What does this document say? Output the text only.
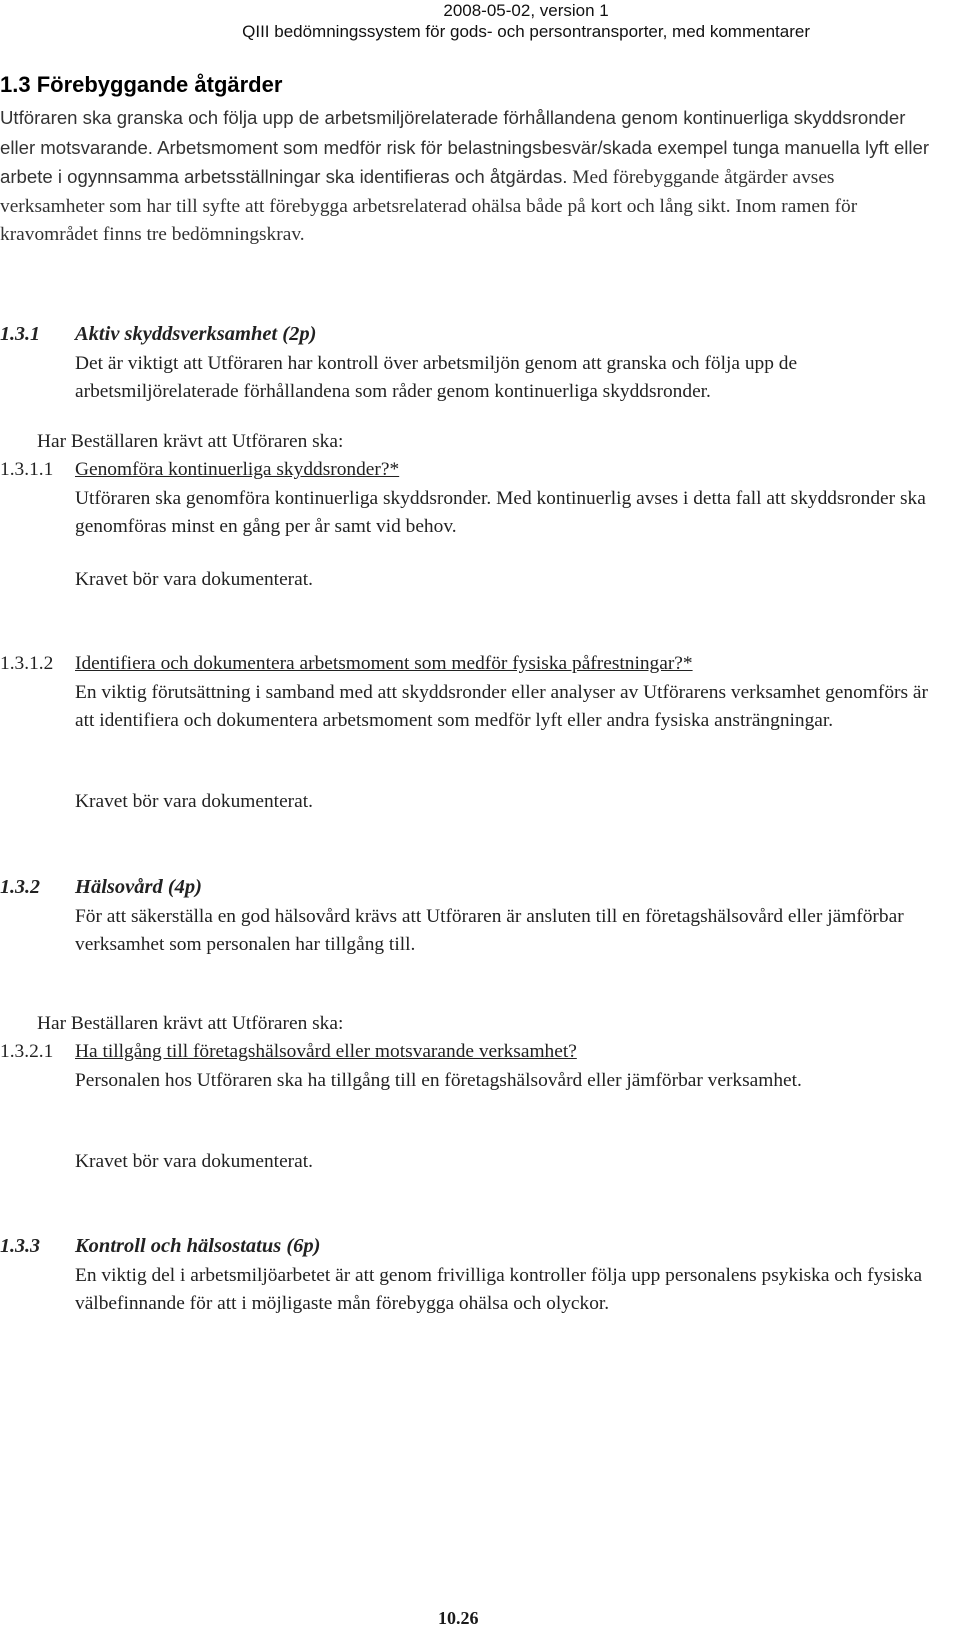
2008-05-02, version 1
QIII bedömningssystem för gods- och persontransporter, med kommentarer
1.3 Förebyggande åtgärder
Utföraren ska granska och följa upp de arbetsmiljörelaterade förhållandena genom kontinuerliga skyddsronder eller motsvarande. Arbetsmoment som medför risk för belastningsbesvär/skada exempel tunga manuella lyft eller arbete i ogynnsamma arbetsställningar ska identifieras och åtgärdas. Med förebyggande åtgärder avses verksamheter som har till syfte att förebygga arbetsrelaterad ohälsa både på kort och lång sikt. Inom ramen för kravområdet finns tre bedömningskrav.
1.3.1 Aktiv skyddsverksamhet (2p)
Det är viktigt att Utföraren har kontroll över arbetsmiljön genom att granska och följa upp de arbetsmiljörelaterade förhållandena som råder genom kontinuerliga skyddsronder.
Har Beställaren krävt att Utföraren ska:
1.3.1.1 Genomföra kontinuerliga skyddsronder?*
Utföraren ska genomföra kontinuerliga skyddsronder. Med kontinuerlig avses i detta fall att skyddsronder ska genomföras minst en gång per år samt vid behov.
Kravet bör vara dokumenterat.
1.3.1.2 Identifiera och dokumentera arbetsmoment som medför fysiska påfrestningar?*
En viktig förutsättning i samband med att skyddsronder eller analyser av Utförarens verksamhet genomförs är att identifiera och dokumentera arbetsmoment som medför lyft eller andra fysiska ansträngningar.
Kravet bör vara dokumenterat.
1.3.2 Hälsovård (4p)
För att säkerställa en god hälsovård krävs att Utföraren är ansluten till en företagshälsovård eller jämförbar verksamhet som personalen har tillgång till.
Har Beställaren krävt att Utföraren ska:
1.3.2.1 Ha tillgång till företagshälsovård eller motsvarande verksamhet?
Personalen hos Utföraren ska ha tillgång till en företagshälsovård eller jämförbar verksamhet.
Kravet bör vara dokumenterat.
1.3.3 Kontroll och hälsostatus (6p)
En viktig del i arbetsmiljöarbetet är att genom frivilliga kontroller följa upp personalens psykiska och fysiska välbefinnande för att i möjligaste mån förebygga ohälsa och olyckor.
10.26
